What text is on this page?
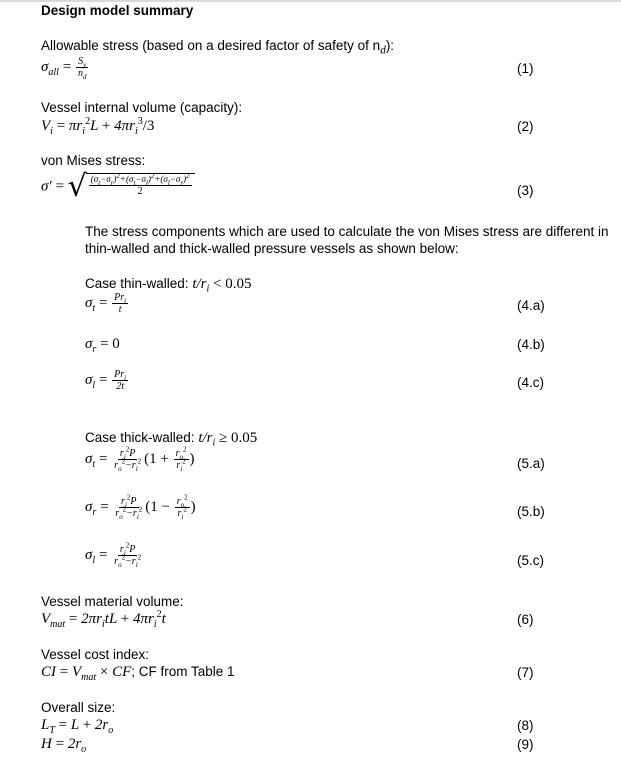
Design model summary
Allowable stress (based on a desired factor of safety of $n_d$):
$\sigma_{all} = \frac{S_y}{n_d}$	(1)
Vessel internal volume (capacity):
$V_i = \pi r_i^2L + 4\pi r_i^3/3$	(2)
von Mises stress:
σ′ = √ $\frac{(\sigma_t-\sigma_r)^2+(\sigma_t-\sigma_l)^2+(\sigma_l-\sigma_r)^2}{2}$	(3)
The stress components which are used to calculate the von Mises stress are different in
thin-walled and thick-walled pressure vessels as shown below:
Case thin-walled: $t/r_i < 0.05$
$\sigma_t = \frac{Pr_i}{t}$	(4.a)
$\sigma_r = 0$	(4.b)
$\sigma_l = \frac{Pr_i}{2t}$	(4.c)
Case thick-walled: $t/r_i \ge 0.05$
$\sigma_t = \frac{r_i^2P}{r_o^2-r_i^2} (1 + \frac{r_o^2}{r_i^2}$ )	(5.a)
$\sigma_r = \frac{r_i^2P}{r_o^2-r_i^2} (1 - \frac{r_o^2}{r_i^2}$ )	(5.b)
$\sigma_l = \frac{r_i^2P}{r_o^2-r_i^2}$	(5.c)
Vessel material volume:
$V_{mat} = 2\pi r_itL + 4\pi r_i^2t$	(6)
Vessel cost index:
CI = $V_{mat}$ × CF; CF from Table 1	(7)
Overall size:
$L_T = L + 2r_o$	(8)
$H = 2r_o$	(9)
